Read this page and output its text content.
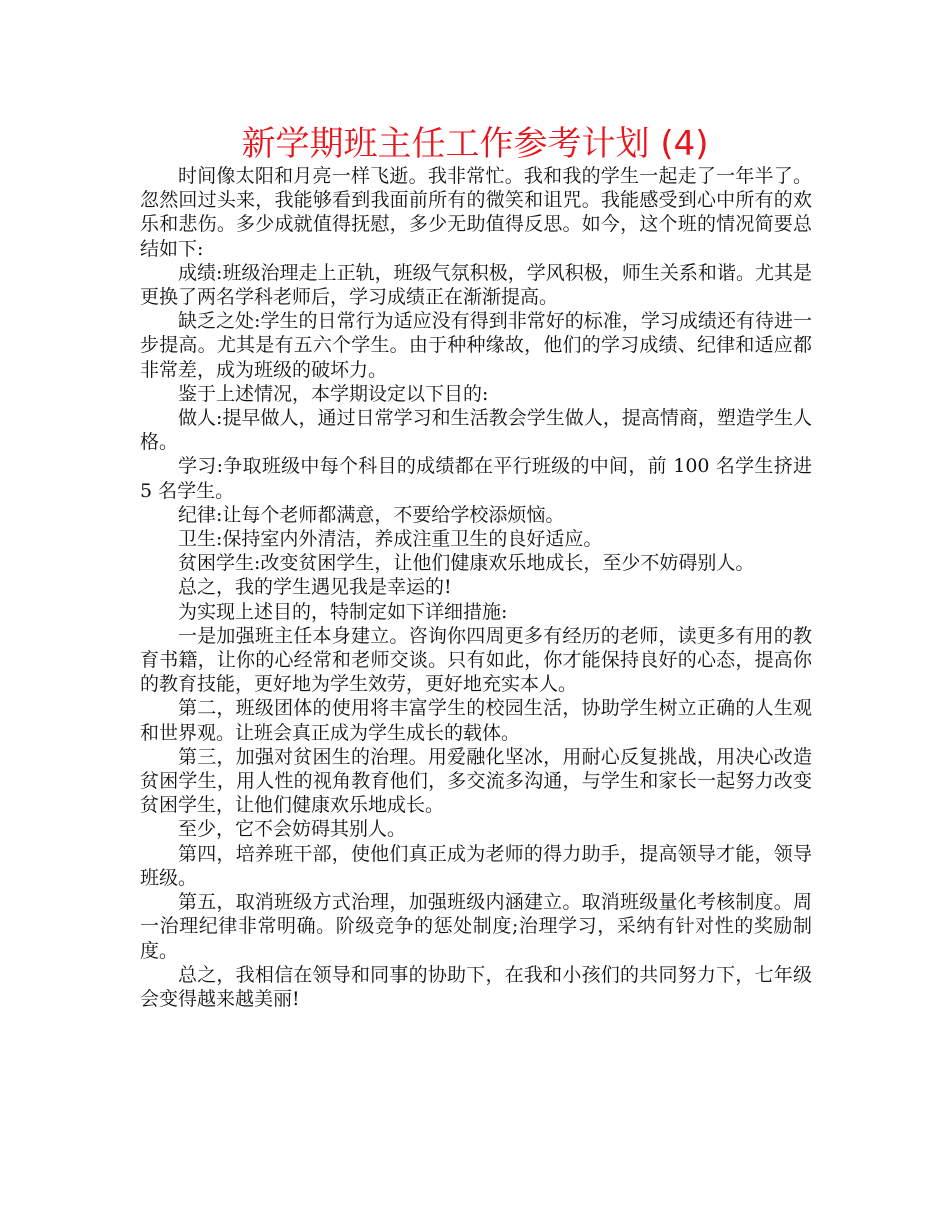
新学期班主任工作参考计划 (4)

时间像太阳和月亮一样飞逝。我非常忙。我和我的学生一起走了一年半了。忽然回过头来，我能够看到我面前所有的微笑和诅咒。我能感受到心中所有的欢乐和悲伤。多少成就值得抚慰，多少无助值得反思。如今，这个班的情况简要总结如下:

成绩:班级治理走上正轨，班级气氛积极，学风积极，师生关系和谐。尤其是更换了两名学科老师后，学习成绩正在渐渐提高。

缺乏之处:学生的日常行为适应没有得到非常好的标准，学习成绩还有待进一步提高。尤其是有五六个学生。由于种种缘故，他们的学习成绩、纪律和适应都非常差，成为班级的破坏力。

鉴于上述情况，本学期设定以下目的:

做人:提早做人，通过日常学习和生活教会学生做人，提高情商，塑造学生人格。

学习:争取班级中每个科目的成绩都在平行班级的中间，前 100 名学生挤进 5 名学生。

纪律:让每个老师都满意，不要给学校添烦恼。

卫生:保持室内外清洁，养成注重卫生的良好适应。

贫困学生:改变贫困学生，让他们健康欢乐地成长，至少不妨碍别人。

总之，我的学生遇见我是幸运的!

为实现上述目的，特制定如下详细措施:

一是加强班主任本身建立。咨询你四周更多有经历的老师，读更多有用的教育书籍，让你的心经常和老师交谈。只有如此，你才能保持良好的心态，提高你的教育技能，更好地为学生效劳，更好地充实本人。

第二，班级团体的使用将丰富学生的校园生活，协助学生树立正确的人生观和世界观。让班会真正成为学生成长的载体。

第三，加强对贫困生的治理。用爱融化坚冰，用耐心反复挑战，用决心改造贫困学生，用人性的视角教育他们，多交流多沟通，与学生和家长一起努力改变贫困学生，让他们健康欢乐地成长。

至少，它不会妨碍其别人。

第四，培养班干部，使他们真正成为老师的得力助手，提高领导才能，领导班级。

第五，取消班级方式治理，加强班级内涵建立。取消班级量化考核制度。周一治理纪律非常明确。阶级竞争的惩处制度;治理学习，采纳有针对性的奖励制度。

总之，我相信在领导和同事的协助下，在我和小孩们的共同努力下，七年级会变得越来越美丽!
